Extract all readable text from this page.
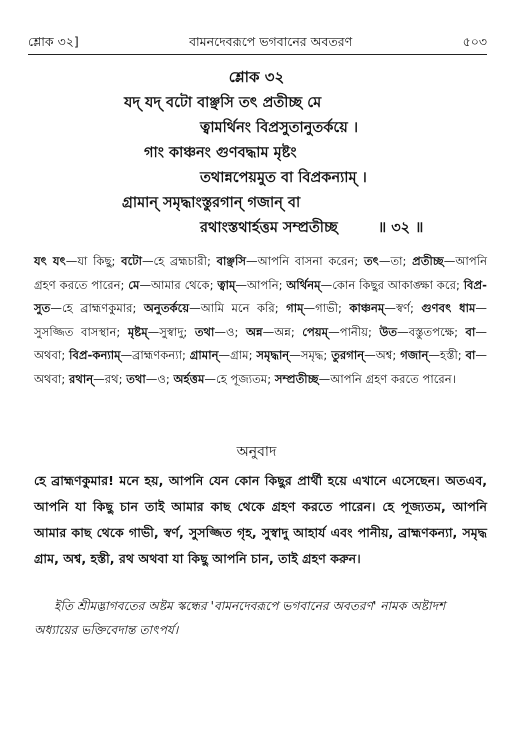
শ্লোক ৩২]	বামনদেবরূপে ভগবানের অবতরণ	৫০৩
শ্লোক ৩২
যদ্ যদ্ বটো বাঞ্ছসি তৎ প্রতীচ্ছ মে
ত্বামর্থিনং বিপ্রসুতানুতর্কয়ে ।
গাং কাঞ্চনং গুণবদ্ধাম মৃষ্টং
তথান্নপেয়মুত বা বিপ্রকন্যাম্ ।
গ্রামান্ সমৃদ্ধাংস্তুরগান্ গজান্ বা
রথাংস্তথার্হত্তম সম্প্রতীচ্ছ	॥ ৩২ ॥
যৎ যৎ—যা কিছু; বটো—হে ব্রহ্মচারী; বাঞ্ছসি—আপনি বাসনা করেন; তৎ—তা; প্রতীচ্ছ—আপনি গ্রহণ করতে পারেন; মে—আমার থেকে; ত্বাম্—আপনি; অর্থিনম্—কোন কিছুর আকাঙ্ক্ষা করে; বিপ্র-সুত—হে ব্রাহ্মণকুমার; অনুতর্কয়ে—আমি মনে করি; গাম্—গাভী; কাঞ্চনম্—স্বর্ণ; গুণবৎ ধাম—সুসজ্জিত বাসস্থান; মৃষ্টম্—সুস্বাদু; তথা—ও; অন্ন—অন্ন; পেয়ম্—পানীয়; উত—বস্তুতপক্ষে; বা—অথবা; বিপ্র-কন্যাম্—ব্রাহ্মণকন্যা; গ্রামান্—গ্রাম; সমৃদ্ধান্—সমৃদ্ধ; তুরগান্—অশ্ব; গজান্—হস্তী; বা—অথবা; রথান্—রথ; তথা—ও; অর্হত্তম—হে পূজ্যতম; সম্প্রতীচ্ছ—আপনি গ্রহণ করতে পারেন।
অনুবাদ
হে ব্রাহ্মণকুমার! মনে হয়, আপনি যেন কোন কিছুর প্রার্থী হয়ে এখানে এসেছেন। অতএব, আপনি যা কিছু চান তাই আমার কাছ থেকে গ্রহণ করতে পারেন। হে পূজ্যতম, আপনি আমার কাছ থেকে গাভী, স্বর্ণ, সুসজ্জিত গৃহ, সুস্বাদু আহার্য এবং পানীয়, ব্রাহ্মণকন্যা, সমৃদ্ধ গ্রাম, অশ্ব, হস্তী, রথ অথবা যা কিছু আপনি চান, তাই গ্রহণ করুন।
ইতি শ্রীমদ্ভাগবতের অষ্টম স্কন্ধের 'বামনদেবরূপে ভগবানের অবতরণ' নামক অষ্টাদশ অধ্যায়ের ভক্তিবেদান্ত তাৎপর্য।
